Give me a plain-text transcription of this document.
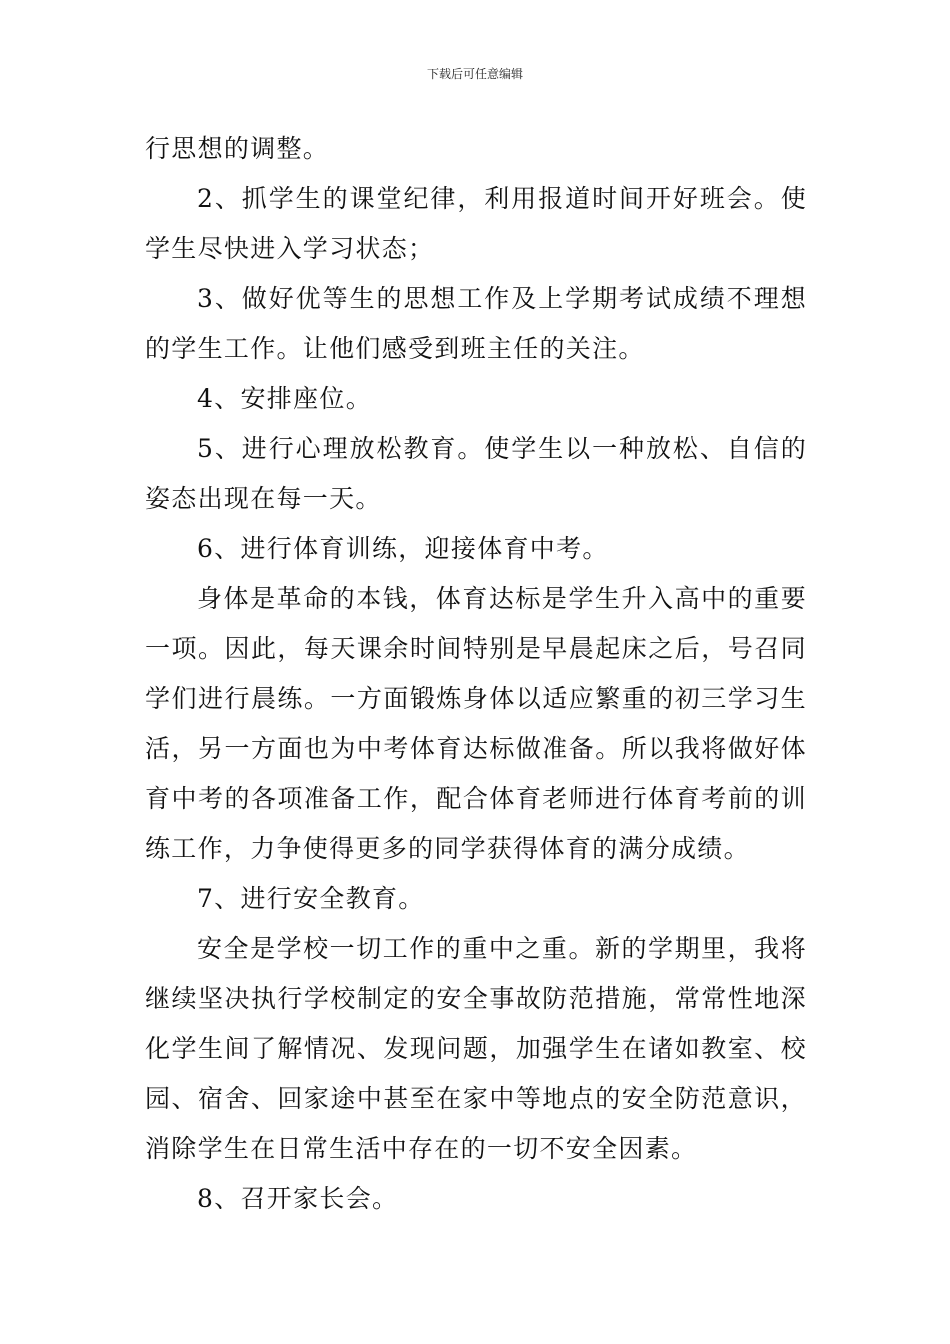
下载后可任意编辑

行思想的调整。

2、抓学生的课堂纪律，利用报道时间开好班会。使学生尽快进入学习状态；

3、做好优等生的思想工作及上学期考试成绩不理想的学生工作。让他们感受到班主任的关注。

4、安排座位。

5、进行心理放松教育。使学生以一种放松、自信的姿态出现在每一天。

6、进行体育训练，迎接体育中考。

身体是革命的本钱，体育达标是学生升入高中的重要一项。因此，每天课余时间特别是早晨起床之后，号召同学们进行晨练。一方面锻炼身体以适应繁重的初三学习生活，另一方面也为中考体育达标做准备。所以我将做好体育中考的各项准备工作，配合体育老师进行体育考前的训练工作，力争使得更多的同学获得体育的满分成绩。

7、进行安全教育。

安全是学校一切工作的重中之重。新的学期里，我将继续坚决执行学校制定的安全事故防范措施，常常性地深化学生间了解情况、发现问题，加强学生在诸如教室、校园、宿舍、回家途中甚至在家中等地点的安全防范意识，消除学生在日常生活中存在的一切不安全因素。

8、召开家长会。
